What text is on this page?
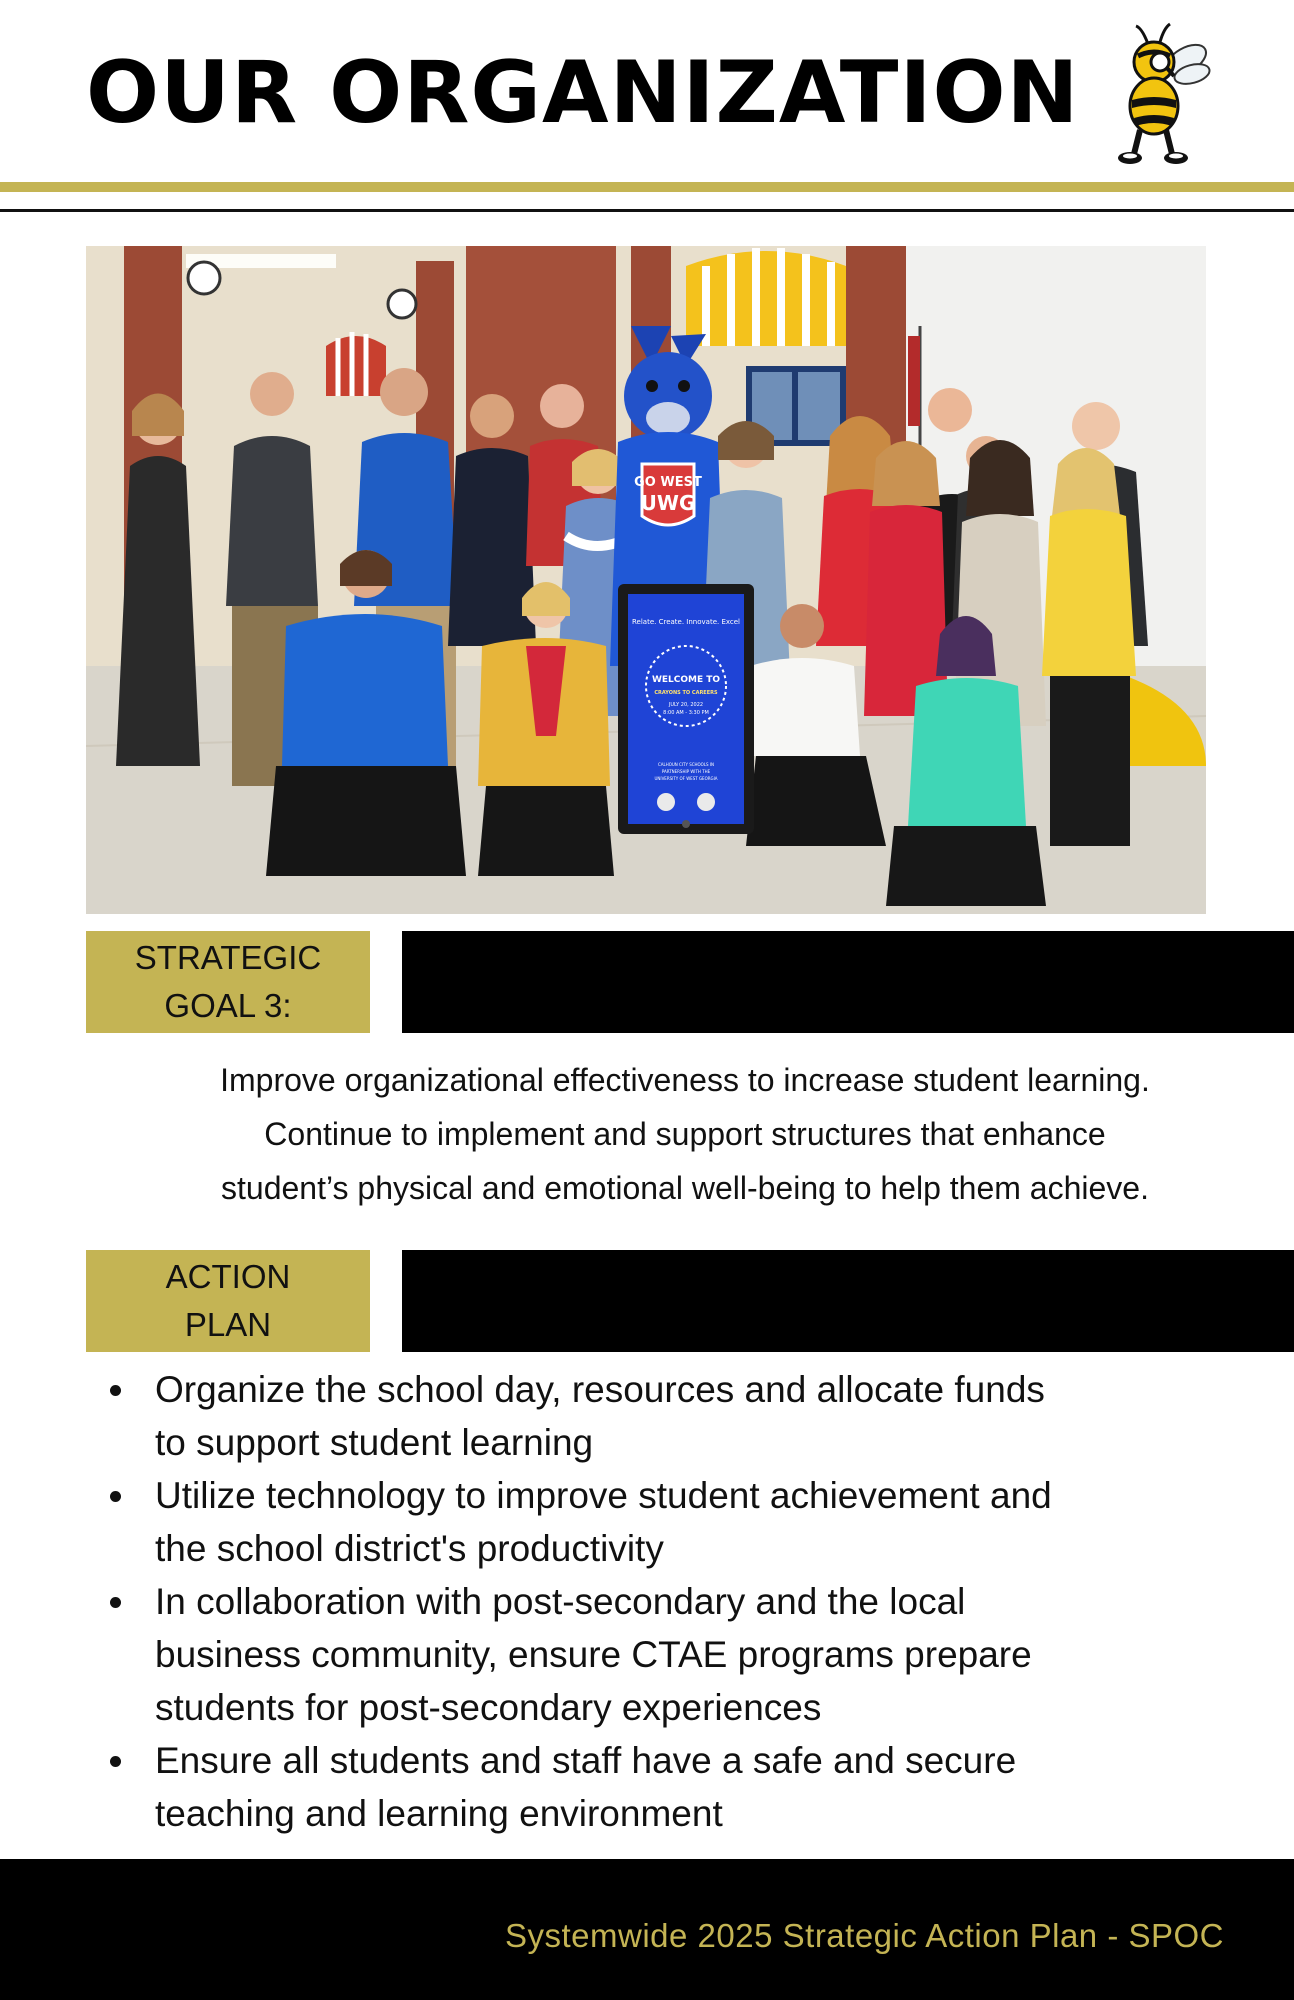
OUR ORGANIZATION
GO WEST
UWG
Relate. Create. Innovate. Excel
WELCOME TO
CRAYONS TO CAREERS
JULY 20, 2022
8:00 AM - 3:30 PM
CALHOUN CITY SCHOOLS IN
PARTNERSHIP WITH THE
UNIVERSITY OF WEST GEORGIA
STRATEGIC
GOAL 3:
Improve organizational effectiveness to increase student learning.
Continue to implement and support structures that enhance
student’s physical and emotional well-being to help them achieve.
ACTION
PLAN
Organize the school day, resources and allocate funds
to support student learning
Utilize technology to improve student achievement and
the school district's productivity
In collaboration with post-secondary and the local
business community, ensure CTAE programs prepare
students for post-secondary experiences
Ensure all students and staff have a safe and secure
teaching and learning environment
Systemwide 2025 Strategic Action Plan - SPOC
